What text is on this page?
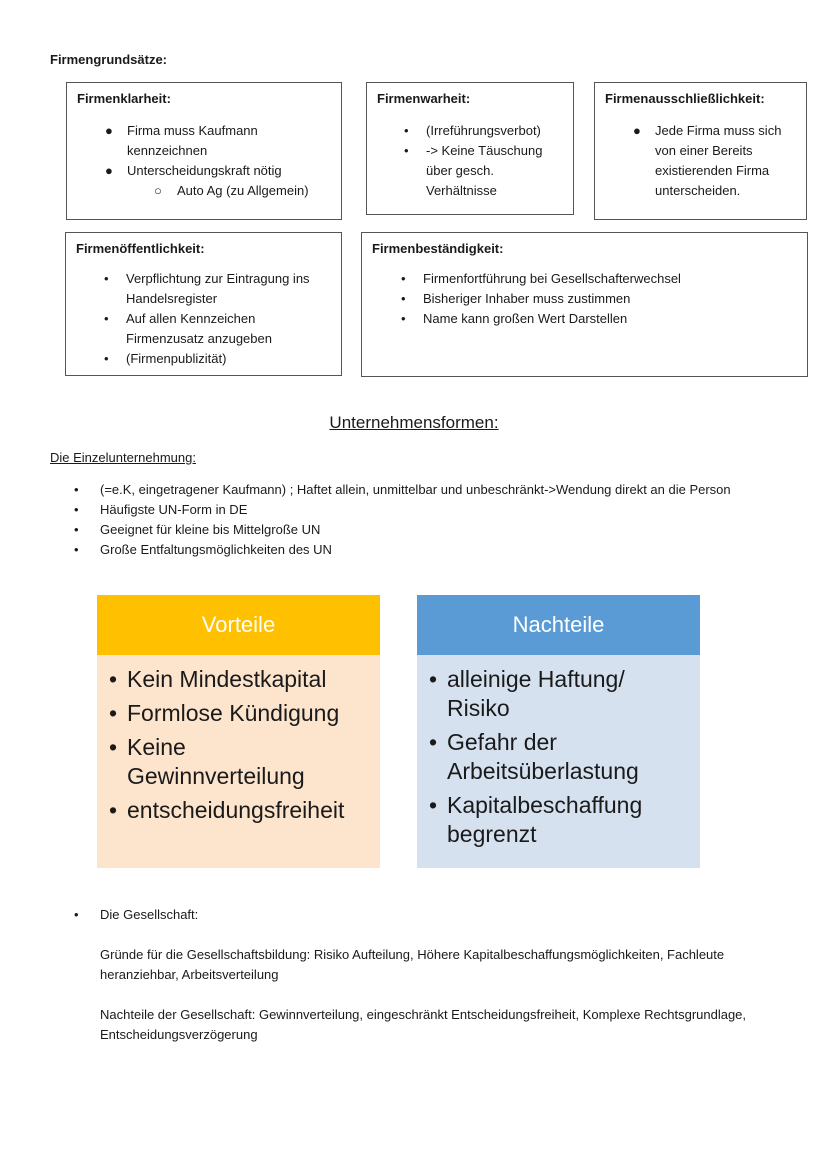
Firmengrundsätze:
Firmenklarheit:
● Firma muss Kaufmann kennzeichnen
● Unterscheidungskraft nötig
○ Auto Ag (zu Allgemein)
Firmenwarheit:
• (Irreführungsverbot)
• -> Keine Täuschung über gesch. Verhältnisse
Firmenausschließlichkeit:
● Jede Firma muss sich von einer Bereits existierenden Firma unterscheiden.
Firmenöffentlichkeit:
• Verpflichtung zur Eintragung ins Handelsregister
• Auf allen Kennzeichen Firmenzusatz anzugeben
• (Firmenpublizität)
Firmenbeständigkeit:
• Firmenfortführung bei Gesellschafterwechsel
• Bisheriger Inhaber muss zustimmen
• Name kann großen Wert Darstellen
Unternehmensformen:
Die Einzelunternehmung:
• (=e.K, eingetragener Kaufmann) ; Haftet allein, unmittelbar und unbeschränkt->Wendung direkt an die Person
• Häufigste UN-Form in DE
• Geeignet für kleine bis Mittelgroße UN
• Große Entfaltungsmöglichkeiten des UN
Vorteile
• Kein Mindestkapital
• Formlose Kündigung
• Keine Gewinnverteilung
• entscheidungsfreiheit
Nachteile
• alleinige Haftung/ Risiko
• Gefahr der Arbeitsüberlastung
• Kapitalbeschaffung begrenzt
• Die Gesellschaft:
Gründe für die Gesellschaftsbildung: Risiko Aufteilung, Höhere Kapitalbeschaffungsmöglichkeiten, Fachleute heranziehbar, Arbeitsverteilung
Nachteile der Gesellschaft: Gewinnverteilung, eingeschränkt Entscheidungsfreiheit, Komplexe Rechtsgrundlage, Entscheidungsverzögerung
